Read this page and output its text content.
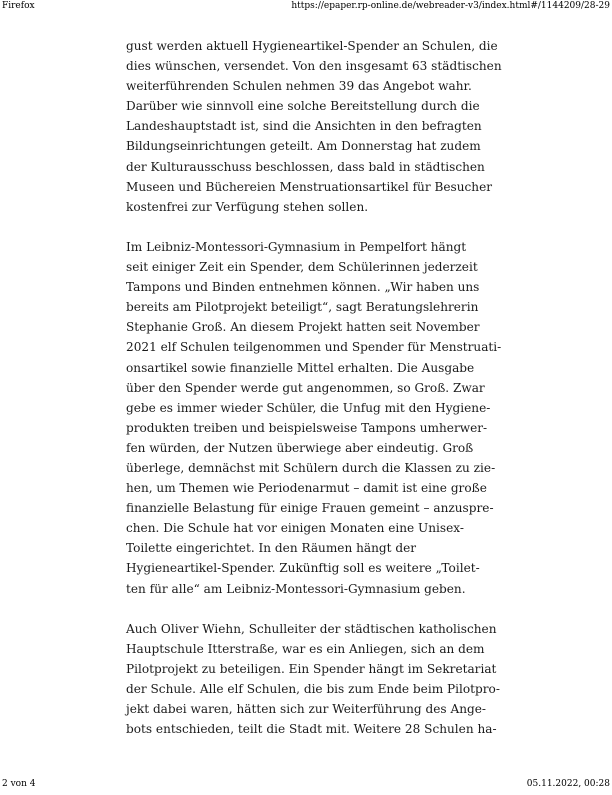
Firefox	https://epaper.rp-online.de/webreader-v3/index.html#/1144209/28-29
gust werden aktuell Hygieneartikel-Spender an Schulen, die
dies wünschen, versendet. Von den insgesamt 63 städtischen
weiterführenden Schulen nehmen 39 das Angebot wahr.
Darüber wie sinnvoll eine solche Bereitstellung durch die
Landeshauptstadt ist, sind die Ansichten in den befragten
Bildungseinrichtungen geteilt. Am Donnerstag hat zudem
der Kulturausschuss beschlossen, dass bald in städtischen
Museen und Büchereien Menstruationsartikel für Besucher
kostenfrei zur Verfügung stehen sollen.
Im Leibniz-Montessori-Gymnasium in Pempelfort hängt
seit einiger Zeit ein Spender, dem Schülerinnen jederzeit
Tampons und Binden entnehmen können. „Wir haben uns
bereits am Pilotprojekt beteiligt“, sagt Beratungslehrerin
Stephanie Groß. An diesem Projekt hatten seit November
2021 elf Schulen teilgenommen und Spender für Menstruati-
onsartikel sowie finanzielle Mittel erhalten. Die Ausgabe
über den Spender werde gut angenommen, so Groß. Zwar
gebe es immer wieder Schüler, die Unfug mit den Hygiene-
produkten treiben und beispielsweise Tampons umherwer-
fen würden, der Nutzen überwiege aber eindeutig. Groß
überlege, demnächst mit Schülern durch die Klassen zu zie-
hen, um Themen wie Periodenarmut – damit ist eine große
finanzielle Belastung für einige Frauen gemeint – anzuspre-
chen. Die Schule hat vor einigen Monaten eine Unisex-
Toilette eingerichtet. In den Räumen hängt der
Hygieneartikel-Spender. Zukünftig soll es weitere „Toilet-
ten für alle“ am Leibniz-Montessori-Gymnasium geben.
Auch Oliver Wiehn, Schulleiter der städtischen katholischen
Hauptschule Itterstraße, war es ein Anliegen, sich an dem
Pilotprojekt zu beteiligen. Ein Spender hängt im Sekretariat
der Schule. Alle elf Schulen, die bis zum Ende beim Pilotpro-
jekt dabei waren, hätten sich zur Weiterführung des Ange-
bots entschieden, teilt die Stadt mit. Weitere 28 Schulen ha-
2 von 4	05.11.2022, 00:28
